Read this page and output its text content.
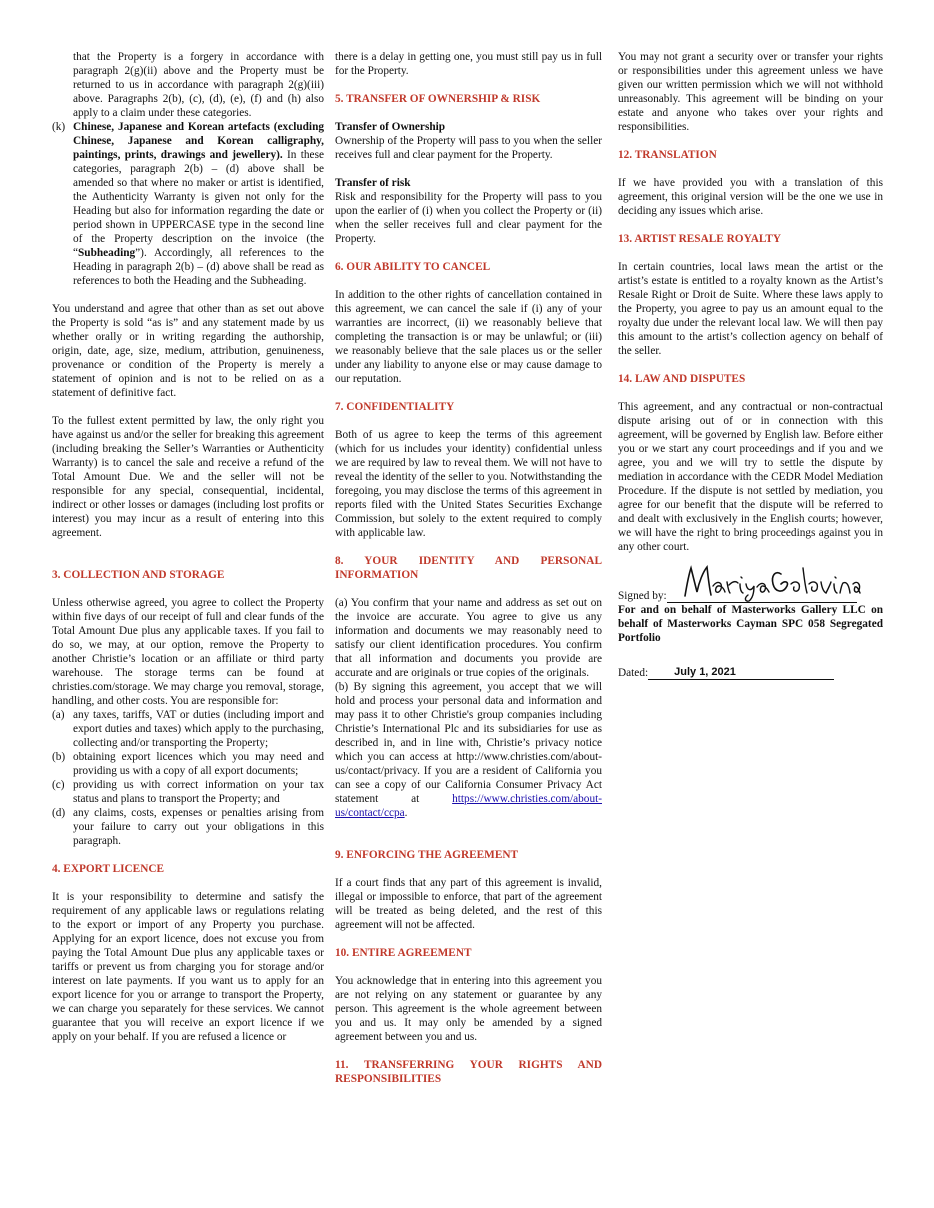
that the Property is a forgery in accordance with paragraph 2(g)(ii) above and the Property must be returned to us in accordance with paragraph 2(g)(iii) above. Paragraphs 2(b), (c), (d), (e), (f) and (h) also apply to a claim under these categories.

(k) Chinese, Japanese and Korean artefacts (excluding Chinese, Japanese and Korean calligraphy, paintings, prints, drawings and jewellery). In these categories, paragraph 2(b) – (d) above shall be amended so that where no maker or artist is identified, the Authenticity Warranty is given not only for the Heading but also for information regarding the date or period shown in UPPERCASE type in the second line of the Property description on the invoice (the “Subheading”). Accordingly, all references to the Heading in paragraph 2(b) – (d) above shall be read as references to both the Heading and the Subheading.

You understand and agree that other than as set out above the Property is sold “as is” and any statement made by us whether orally or in writing regarding the authorship, origin, date, age, size, medium, attribution, genuineness, provenance or condition of the Property is merely a statement of opinion and is not to be relied on as a statement of definitive fact.

To the fullest extent permitted by law, the only right you have against us and/or the seller for breaking this agreement (including breaking the Seller’s Warranties or Authenticity Warranty) is to cancel the sale and receive a refund of the Total Amount Due. We and the seller will not be responsible for any special, consequential, incidental, indirect or other losses or damages (including lost profits or interest) you may incur as a result of entering into this agreement.

3. COLLECTION AND STORAGE

Unless otherwise agreed, you agree to collect the Property within five days of our receipt of full and clear funds of the Total Amount Due plus any applicable taxes. If you fail to do so, we may, at our option, remove the Property to another Christie’s location or an affiliate or third party warehouse. The storage terms can be found at christies.com/storage. We may charge you removal, storage, handling, and other costs. You are responsible for:

(a) any taxes, tariffs, VAT or duties (including import and export duties and taxes) which apply to the purchasing, collecting and/or transporting the Property;

(b) obtaining export licences which you may need and providing us with a copy of all export documents;

(c) providing us with correct information on your tax status and plans to transport the Property; and

(d) any claims, costs, expenses or penalties arising from your failure to carry out your obligations in this paragraph.

4. EXPORT LICENCE

It is your responsibility to determine and satisfy the requirement of any applicable laws or regulations relating to the export or import of any Property you purchase. Applying for an export licence, does not excuse you from paying the Total Amount Due plus any applicable taxes or tariffs or prevent us from charging you for storage and/or interest on late payments. If you want us to apply for an export licence for you or arrange to transport the Property, we can charge you separately for these services. We cannot guarantee that you will receive an export licence if we apply on your behalf. If you are refused a licence or

there is a delay in getting one, you must still pay us in full for the Property.

5. TRANSFER OF OWNERSHIP & RISK

Transfer of Ownership

Ownership of the Property will pass to you when the seller receives full and clear payment for the Property.

Transfer of risk

Risk and responsibility for the Property will pass to you upon the earlier of (i) when you collect the Property or (ii) when the seller receives full and clear payment for the Property.

6. OUR ABILITY TO CANCEL

In addition to the other rights of cancellation contained in this agreement, we can cancel the sale if (i) any of your warranties are incorrect, (ii) we reasonably believe that completing the transaction is or may be unlawful; or (iii) we reasonably believe that the sale places us or the seller under any liability to anyone else or may cause damage to our reputation.

7. CONFIDENTIALITY

Both of us agree to keep the terms of this agreement (which for us includes your identity) confidential unless we are required by law to reveal them. We will not have to reveal the identity of the seller to you. Notwithstanding the foregoing, you may disclose the terms of this agreement in reports filed with the United States Securities Exchange Commission, but solely to the extent required to comply with applicable law.

8. YOUR IDENTITY AND PERSONAL INFORMATION

(a) You confirm that your name and address as set out on the invoice are accurate. You agree to give us any information and documents we may reasonably need to satisfy our client identification procedures. You confirm that all information and documents you provide are accurate and are originals or true copies of the originals.

(b) By signing this agreement, you accept that we will hold and process your personal data and information and may pass it to other Christie's group companies including Christie’s International Plc and its subsidiaries for use as described in, and in line with, Christie’s privacy notice which you can access at http://www.christies.com/about-us/contact/privacy. If you are a resident of California you can see a copy of our California Consumer Privacy Act statement at https://www.christies.com/about-us/contact/ccpa.

9. ENFORCING THE AGREEMENT

If a court finds that any part of this agreement is invalid, illegal or impossible to enforce, that part of the agreement will be treated as being deleted, and the rest of this agreement will not be affected.

10. ENTIRE AGREEMENT

You acknowledge that in entering into this agreement you are not relying on any statement or guarantee by any person. This agreement is the whole agreement between you and us. It may only be amended by a signed agreement between you and us.

11. TRANSFERRING YOUR RIGHTS AND RESPONSIBILITIES

You may not grant a security over or transfer your rights or responsibilities under this agreement unless we have given our written permission which we will not withhold unreasonably. This agreement will be binding on your estate and anyone who takes over your rights and responsibilities.

12. TRANSLATION

If we have provided you with a translation of this agreement, this original version will be the one we use in deciding any issues which arise.

13. ARTIST RESALE ROYALTY

In certain countries, local laws mean the artist or the artist’s estate is entitled to a royalty known as the Artist’s Resale Right or Droit de Suite. Where these laws apply to the Property, you agree to pay us an amount equal to the royalty due under the relevant local law. We will then pay this amount to the artist’s collection agency on behalf of the seller.

14. LAW AND DISPUTES

This agreement, and any contractual or non-contractual dispute arising out of or in connection with this agreement, will be governed by English law. Before either you or we start any court proceedings and if you and we agree, you and we will try to settle the dispute by mediation in accordance with the CEDR Model Mediation Procedure. If the dispute is not settled by mediation, you agree for our benefit that the dispute will be referred to and dealt with exclusively in the English courts; however, we will have the right to bring proceedings against you in any other court.

Signed by:

For and on behalf of Masterworks Gallery LLC on behalf of Masterworks Cayman SPC 058 Segregated Portfolio

Dated:	July 1, 2021
